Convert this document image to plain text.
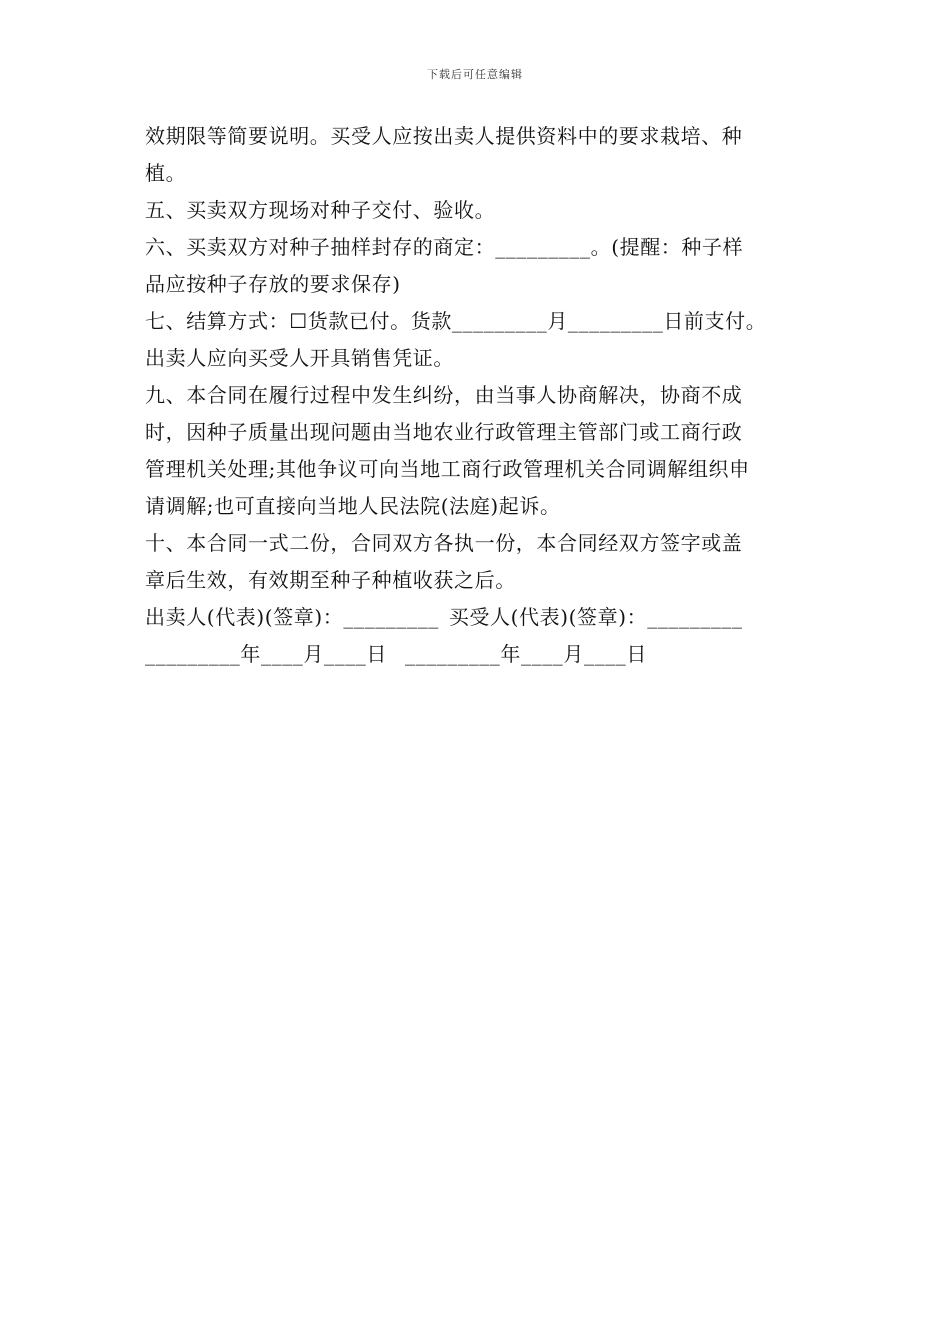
下载后可任意编辑
效期限等简要说明。买受人应按出卖人提供资料中的要求栽培、种
植。
五、买卖双方现场对种子交付、验收。
六、买卖双方对种子抽样封存的商定：_________。(提醒：种子样
品应按种子存放的要求保存)
七、结算方式：☐货款已付。货款_________月_________日前支付。
出卖人应向买受人开具销售凭证。
九、本合同在履行过程中发生纠纷，由当事人协商解决，协商不成
时，因种子质量出现问题由当地农业行政管理主管部门或工商行政
管理机关处理;其他争议可向当地工商行政管理机关合同调解组织申
请调解;也可直接向当地人民法院(法庭)起诉。
十、本合同一式二份，合同双方各执一份，本合同经双方签字或盖
章后生效，有效期至种子种植收获之后。
出卖人(代表)(签章)：_________ 买受人(代表)(签章)：_________
_________年____月____日 _________年____月____日
